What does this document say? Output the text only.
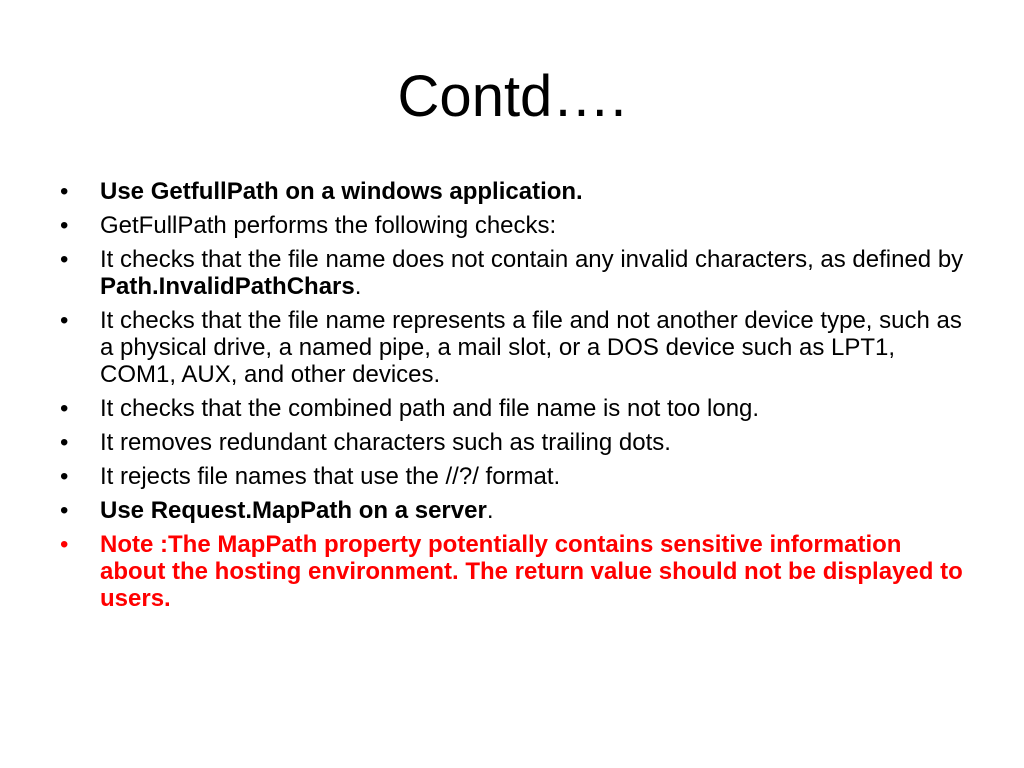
Contd….
• Use GetfullPath on a windows application.
• GetFullPath performs the following checks:
• It checks that the file name does not contain any invalid characters, as defined by Path.InvalidPathChars.
• It checks that the file name represents a file and not another device type, such as a physical drive, a named pipe, a mail slot, or a DOS device such as LPT1, COM1, AUX, and other devices.
• It checks that the combined path and file name is not too long.
• It removes redundant characters such as trailing dots.
• It rejects file names that use the //?/ format.
• Use Request.MapPath on a server.
• Note :The MapPath property potentially contains sensitive information about the hosting environment. The return value should not be displayed to users.
